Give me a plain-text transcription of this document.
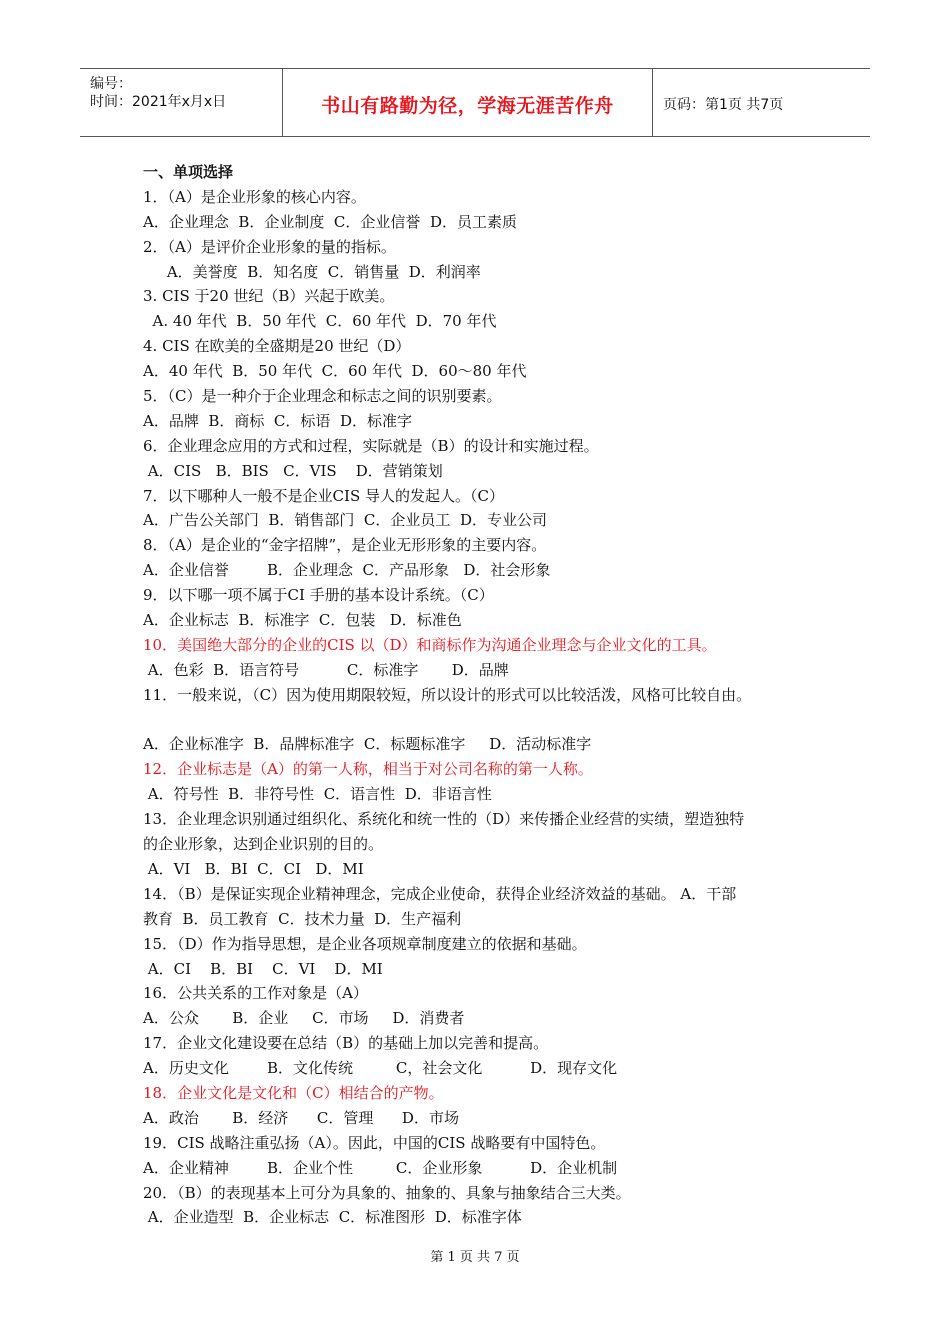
编号：
时间：2021年x月x日	书山有路勤为径，学海无涯苦作舟	页码：第1页 共7页
一、单项选择
1．（A）是企业形象的核心内容。
A．企业理念  B．企业制度  C．企业信誉  D．员工素质
2．（A）是评价企业形象的量的指标。
A．美誉度  B．知名度  C．销售量  D．利润率
3. CIS 于20 世纪（B）兴起于欧美。
A. 40 年代  B．50 年代  C．60 年代  D．70 年代
4. CIS 在欧美的全盛期是20 世纪（D）
A．40 年代  B．50 年代  C．60 年代  D．60～80 年代
5．（C）是一种介于企业理念和标志之间的识别要素。
A．品牌  B．商标  C．标语  D．标准字
6．企业理念应用的方式和过程，实际就是（B）的设计和实施过程。
A．CIS   B．BIS   C．VIS    D．营销策划
7．以下哪种人一般不是企业CIS 导人的发起人。（C）
A．广告公关部门  B．销售部门  C．企业员工  D．专业公司
8．（A）是企业的“金字招牌”，是企业无形形象的主要内容。
A．企业信誉        B．企业理念  C．产品形象   D．社会形象
9．以下哪一项不属于CI 手册的基本设计系统。（C）
A．企业标志  B．标准字  C．包装   D．标准色
10．美国绝大部分的企业的CIS 以（D）和商标作为沟通企业理念与企业文化的工具。
A．色彩  B．语言符号          C．标准字       D．品牌
11．一般来说，（C）因为使用期限较短，所以设计的形式可以比较活泼，风格可比较自由。
A．企业标准字  B．品牌标准字  C．标题标准字     D．活动标准字
12．企业标志是（A）的第一人称，相当于对公司名称的第一人称。
A．符号性  B．非符号性  C．语言性  D．非语言性
13．企业理念识别通过组织化、系统化和统一性的（D）来传播企业经营的实绩，塑造独特
的企业形象，达到企业识别的目的。
A．VI   B．BI  C．CI   D．MI
14．（B）是保证实现企业精神理念，完成企业使命，获得企业经济效益的基础。 A．干部
教育  B．员工教育  C．技术力量  D．生产福利
15．（D）作为指导思想，是企业各项规章制度建立的依据和基础。
A．CI    B．BI    C．VI    D．MI
16．公共关系的工作对象是（A）
A．公众       B．企业     C．市场     D．消费者
17．企业文化建设要在总结（B）的基础上加以完善和提高。
A．历史文化        B．文化传统         C，社会文化          D．现存文化
18．企业文化是文化和（C）相结合的产物。
A．政治       B．经济      C．管理      D．市场
19．CIS 战略注重弘扬（A）。因此，中国的CIS 战略要有中国特色。
A．企业精神        B．企业个性         C．企业形象          D．企业机制
20．（B）的表现基本上可分为具象的、抽象的、具象与抽象结合三大类。
A．企业造型  B．企业标志  C．标准图形  D．标准字体
第 1 页 共 7 页
